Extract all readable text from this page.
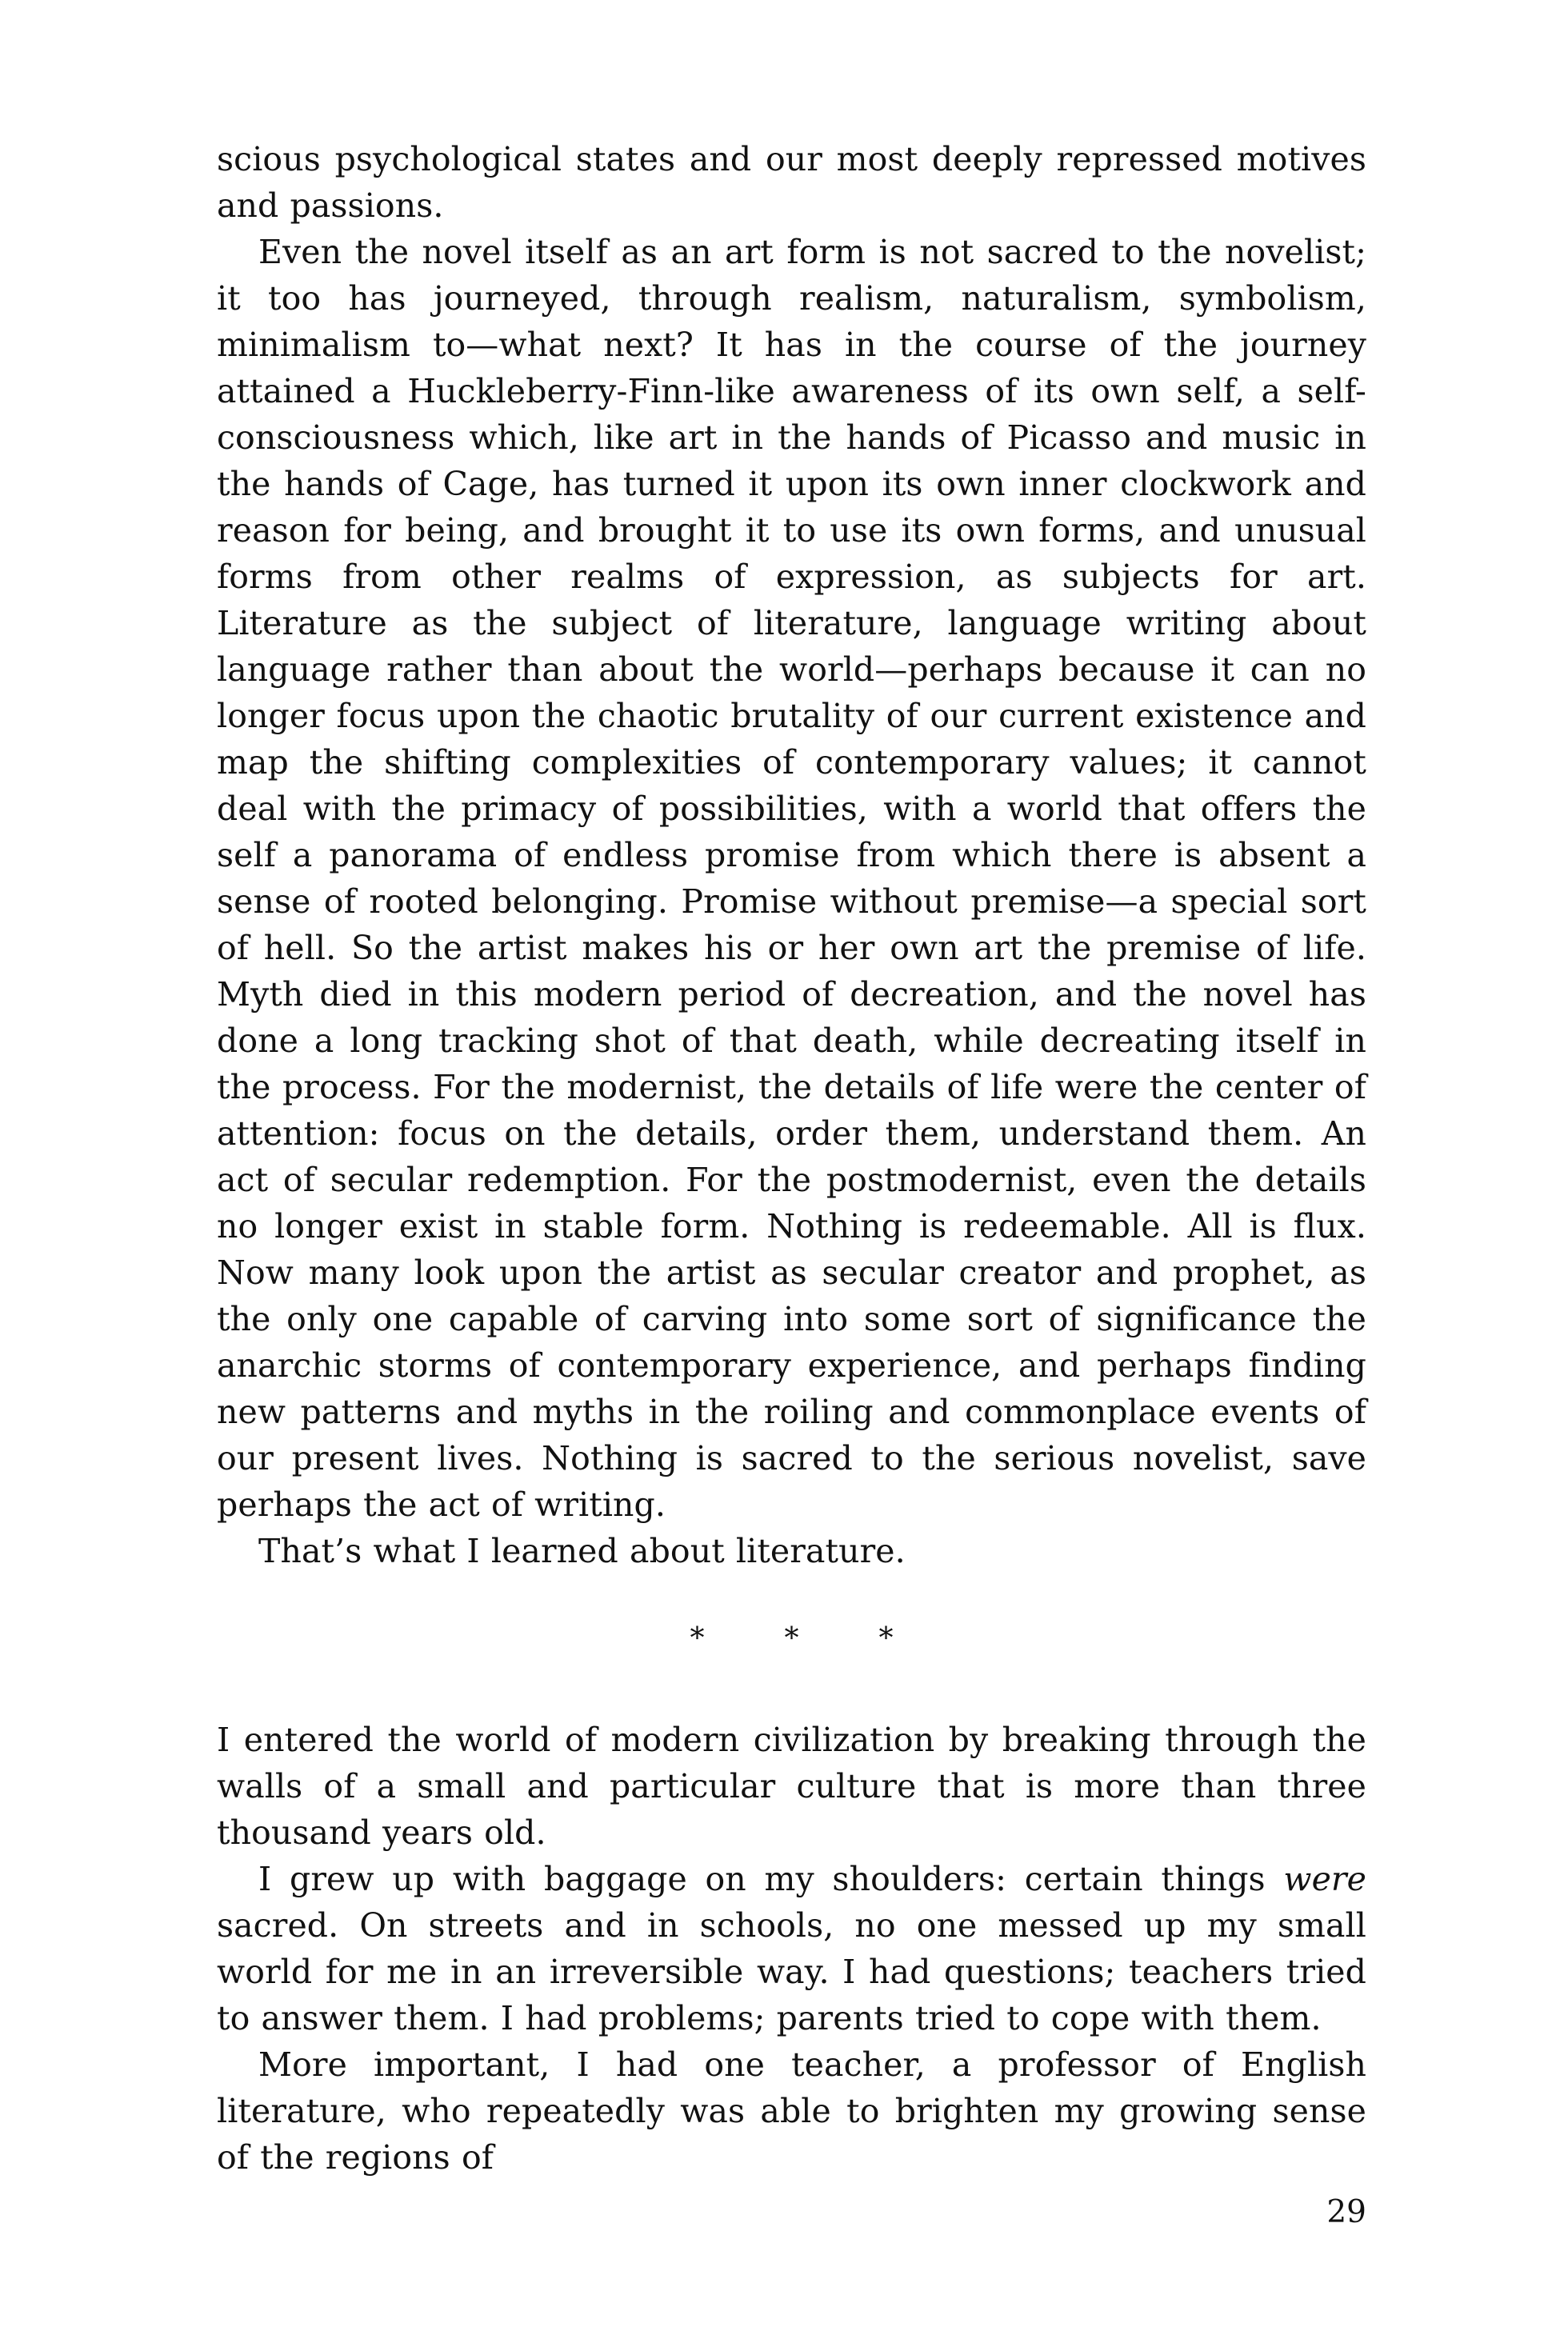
scious psychological states and our most deeply repressed motives and passions.

Even the novel itself as an art form is not sacred to the novelist; it too has journeyed, through realism, naturalism, symbolism, minimalism to—what next? It has in the course of the journey attained a Huckleberry-Finn-like awareness of its own self, a self-consciousness which, like art in the hands of Picasso and music in the hands of Cage, has turned it upon its own inner clockwork and reason for being, and brought it to use its own forms, and unusual forms from other realms of expression, as subjects for art. Literature as the subject of literature, language writing about language rather than about the world—perhaps because it can no longer focus upon the chaotic brutality of our current existence and map the shifting complexities of contemporary values; it cannot deal with the primacy of possibilities, with a world that offers the self a panorama of endless promise from which there is absent a sense of rooted belonging. Promise without premise—a special sort of hell. So the artist makes his or her own art the premise of life. Myth died in this modern period of decreation, and the novel has done a long tracking shot of that death, while decreating itself in the process. For the modernist, the details of life were the center of attention: focus on the details, order them, understand them. An act of secular redemption. For the postmodernist, even the details no longer exist in stable form. Nothing is redeemable. All is flux. Now many look upon the artist as secular creator and prophet, as the only one capable of carving into some sort of significance the anarchic storms of contemporary experience, and perhaps finding new patterns and myths in the roiling and commonplace events of our present lives. Nothing is sacred to the serious novelist, save perhaps the act of writing.

That’s what I learned about literature.

* * *

I entered the world of modern civilization by breaking through the walls of a small and particular culture that is more than three thousand years old.

I grew up with baggage on my shoulders: certain things were sacred. On streets and in schools, no one messed up my small world for me in an irreversible way. I had questions; teachers tried to answer them. I had problems; parents tried to cope with them.

More important, I had one teacher, a professor of English literature, who repeatedly was able to brighten my growing sense of the regions of

29
